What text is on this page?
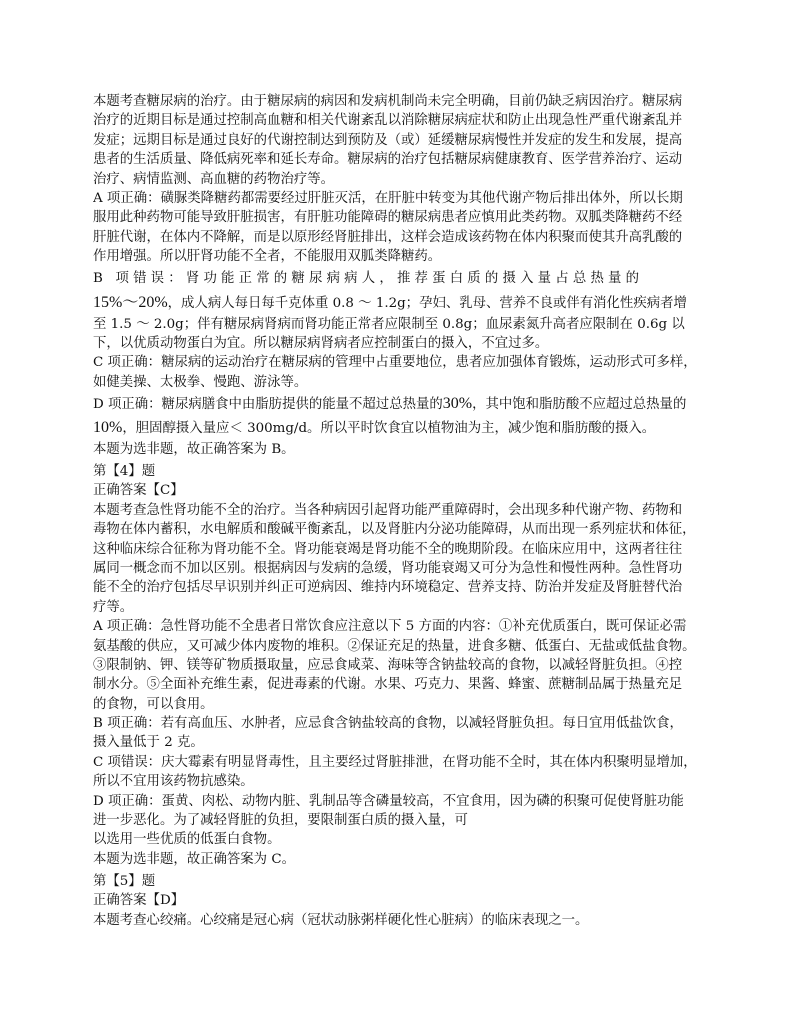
本题考查糖尿病的治疗。由于糖尿病的病因和发病机制尚未完全明确，目前仍缺乏病因治疗。糖尿病
治疗的近期目标是通过控制高血糖和相关代谢紊乱以消除糖尿病症状和防止出现急性严重代谢紊乱并
发症；远期目标是通过良好的代谢控制达到预防及（或）延缓糖尿病慢性并发症的发生和发展，提高
患者的生活质量、降低病死率和延长寿命。糖尿病的治疗包括糖尿病健康教育、医学营养治疗、运动
治疗、病情监测、高血糖的药物治疗等。
A 项正确：磺脲类降糖药都需要经过肝脏灭活，在肝脏中转变为其他代谢产物后排出体外，所以长期
服用此种药物可能导致肝脏损害，有肝脏功能障碍的糖尿病患者应慎用此类药物。双胍类降糖药不经
肝脏代谢，在体内不降解，而是以原形经肾脏排出，这样会造成该药物在体内积聚而使其升高乳酸的
作用增强。所以肝肾功能不全者，不能服用双胍类降糖药。
B 项错误：肾功能正常的糖尿病病人，推荐蛋白质的摄入量占总热量的
15%～20%，成人病人每日每千克体重 0.8 ～ 1.2g；孕妇、乳母、营养不良或伴有消化性疾病者增
至 1.5 ～ 2.0g；伴有糖尿病肾病而肾功能正常者应限制至 0.8g；血尿素氮升高者应限制在 0.6g 以
下，以优质动物蛋白为宜。所以糖尿病肾病者应控制蛋白的摄入，不宜过多。
C 项正确：糖尿病的运动治疗在糖尿病的管理中占重要地位，患者应加强体育锻炼，运动形式可多样，
如健美操、太极拳、慢跑、游泳等。
D 项正确：糖尿病膳食中由脂肪提供的能量不超过总热量的30%，其中饱和脂肪酸不应超过总热量的
10%，胆固醇摄入量应＜ 300mg/d。所以平时饮食宜以植物油为主，减少饱和脂肪酸的摄入。
本题为选非题，故正确答案为 B。
第【4】题
正确答案【C】
本题考查急性肾功能不全的治疗。当各种病因引起肾功能严重障碍时，会出现多种代谢产物、药物和
毒物在体内蓄积，水电解质和酸碱平衡紊乱，以及肾脏内分泌功能障碍，从而出现一系列症状和体征，
这种临床综合征称为肾功能不全。肾功能衰竭是肾功能不全的晚期阶段。在临床应用中，这两者往往
属同一概念而不加以区别。根据病因与发病的急缓，肾功能衰竭又可分为急性和慢性两种。急性肾功
能不全的治疗包括尽早识别并纠正可逆病因、维持内环境稳定、营养支持、防治并发症及肾脏替代治
疗等。
A 项正确：急性肾功能不全患者日常饮食应注意以下 5 方面的内容：①补充优质蛋白，既可保证必需
氨基酸的供应，又可减少体内废物的堆积。②保证充足的热量，进食多糖、低蛋白、无盐或低盐食物。
③限制钠、钾、镁等矿物质摄取量，应忌食咸菜、海味等含钠盐较高的食物，以减轻肾脏负担。④控
制水分。⑤全面补充维生素，促进毒素的代谢。水果、巧克力、果酱、蜂蜜、蔗糖制品属于热量充足
的食物，可以食用。
B 项正确：若有高血压、水肿者，应忌食含钠盐较高的食物，以减轻肾脏负担。每日宜用低盐饮食，
摄入量低于 2 克。
C 项错误：庆大霉素有明显肾毒性，且主要经过肾脏排泄，在肾功能不全时，其在体内积聚明显增加，
所以不宜用该药物抗感染。
D 项正确：蛋黄、肉松、动物内脏、乳制品等含磷量较高，不宜食用，因为磷的积聚可促使肾脏功能
进一步恶化。为了减轻肾脏的负担，要限制蛋白质的摄入量，可
以选用一些优质的低蛋白食物。
本题为选非题，故正确答案为 C。
第【5】题
正确答案【D】
本题考查心绞痛。心绞痛是冠心病（冠状动脉粥样硬化性心脏病）的临床表现之一。
